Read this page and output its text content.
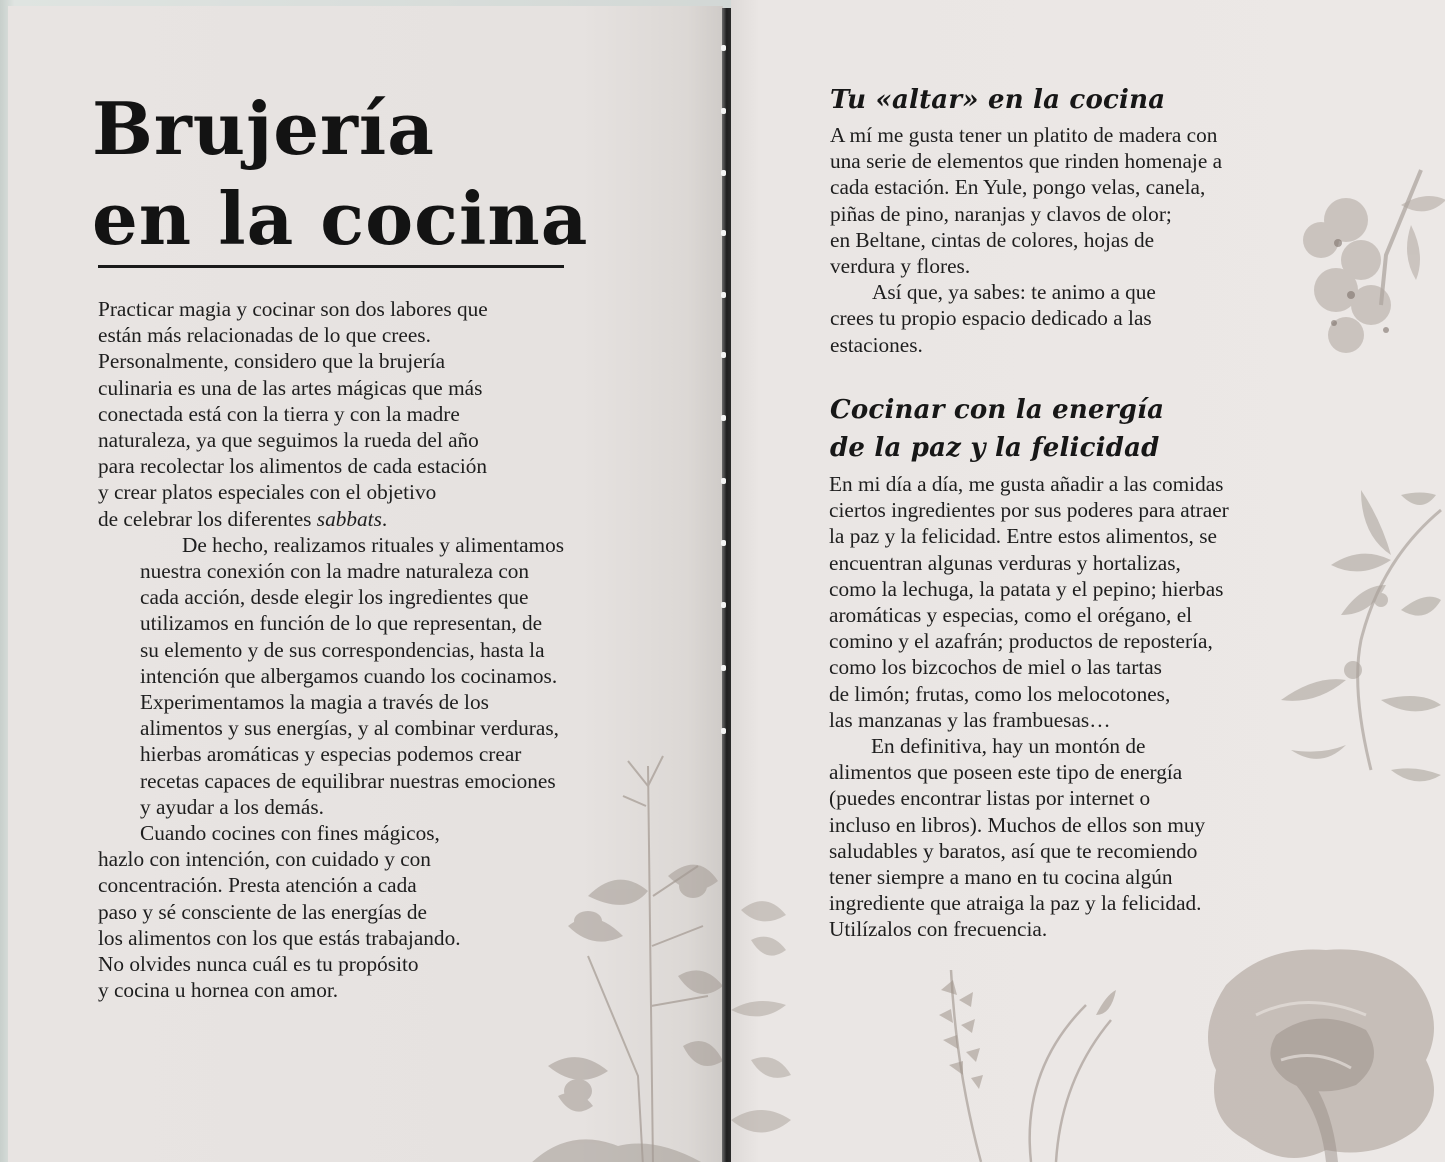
Brujería
en la cocina

Practicar magia y cocinar son dos labores que
están más relacionadas de lo que crees.
Personalmente, considero que la brujería
culinaria es una de las artes mágicas que más
conectada está con la tierra y con la madre
naturaleza, ya que seguimos la rueda del año
para recolectar los alimentos de cada estación
y crear platos especiales con el objetivo
de celebrar los diferentes sabbats.

De hecho, realizamos rituales y alimentamos
nuestra conexión con la madre naturaleza con
cada acción, desde elegir los ingredientes que
utilizamos en función de lo que representan, de
su elemento y de sus correspondencias, hasta la
intención que albergamos cuando los cocinamos.
Experimentamos la magia a través de los
alimentos y sus energías, y al combinar verduras,
hierbas aromáticas y especias podemos crear
recetas capaces de equilibrar nuestras emociones
y ayudar a los demás.

Cuando cocines con fines mágicos,
hazlo con intención, con cuidado y con
concentración. Presta atención a cada
paso y sé consciente de las energías de
los alimentos con los que estás trabajando.
No olvides nunca cuál es tu propósito
y cocina u hornea con amor.

Tu «altar» en la cocina

A mí me gusta tener un platito de madera con
una serie de elementos que rinden homenaje a
cada estación. En Yule, pongo velas, canela,
piñas de pino, naranjas y clavos de olor;
en Beltane, cintas de colores, hojas de
verdura y flores.

Así que, ya sabes: te animo a que
crees tu propio espacio dedicado a las
estaciones.

Cocinar con la energía
de la paz y la felicidad

En mi día a día, me gusta añadir a las comidas
ciertos ingredientes por sus poderes para atraer
la paz y la felicidad. Entre estos alimentos, se
encuentran algunas verduras y hortalizas,
como la lechuga, la patata y el pepino; hierbas
aromáticas y especias, como el orégano, el
comino y el azafrán; productos de repostería,
como los bizcochos de miel o las tartas
de limón; frutas, como los melocotones,
las manzanas y las frambuesas…

En definitiva, hay un montón de
alimentos que poseen este tipo de energía
(puedes encontrar listas por internet o
incluso en libros). Muchos de ellos son muy
saludables y baratos, así que te recomiendo
tener siempre a mano en tu cocina algún
ingrediente que atraiga la paz y la felicidad.
Utilízalos con frecuencia.
